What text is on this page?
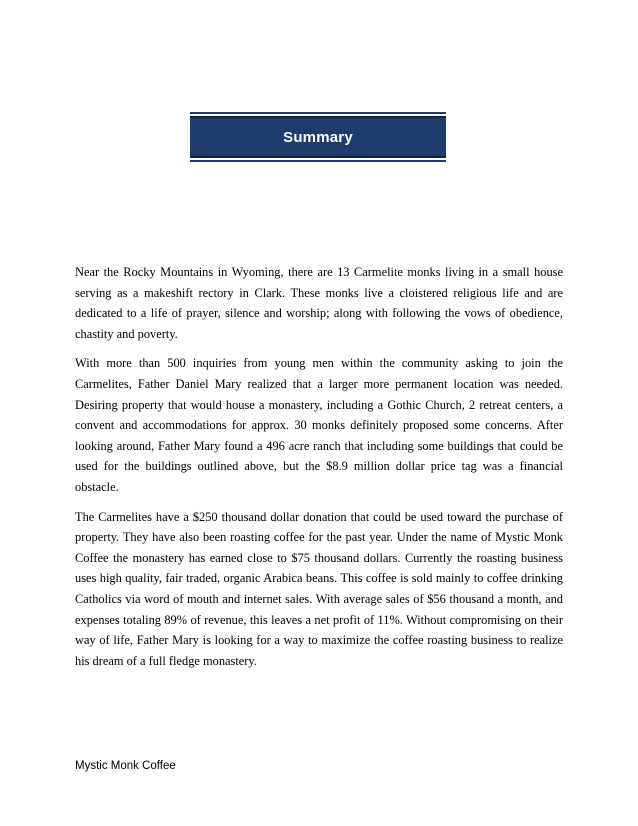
Summary

Near the Rocky Mountains in Wyoming, there are 13 Carmelite monks living in a small house serving as a makeshift rectory in Clark. These monks live a cloistered religious life and are dedicated to a life of prayer, silence and worship; along with following the vows of obedience, chastity and poverty.

With more than 500 inquiries from young men within the community asking to join the Carmelites, Father Daniel Mary realized that a larger more permanent location was needed. Desiring property that would house a monastery, including a Gothic Church, 2 retreat centers, a convent and accommodations for approx. 30 monks definitely proposed some concerns. After looking around, Father Mary found a 496 acre ranch that including some buildings that could be used for the buildings outlined above, but the $8.9 million dollar price tag was a financial obstacle.

The Carmelites have a $250 thousand dollar donation that could be used toward the purchase of property. They have also been roasting coffee for the past year. Under the name of Mystic Monk Coffee the monastery has earned close to $75 thousand dollars. Currently the roasting business uses high quality, fair traded, organic Arabica beans. This coffee is sold mainly to coffee drinking Catholics via word of mouth and internet sales. With average sales of $56 thousand a month, and expenses totaling 89% of revenue, this leaves a net profit of 11%. Without compromising on their way of life, Father Mary is looking for a way to maximize the coffee roasting business to realize his dream of a full fledge monastery.

Mystic Monk Coffee
